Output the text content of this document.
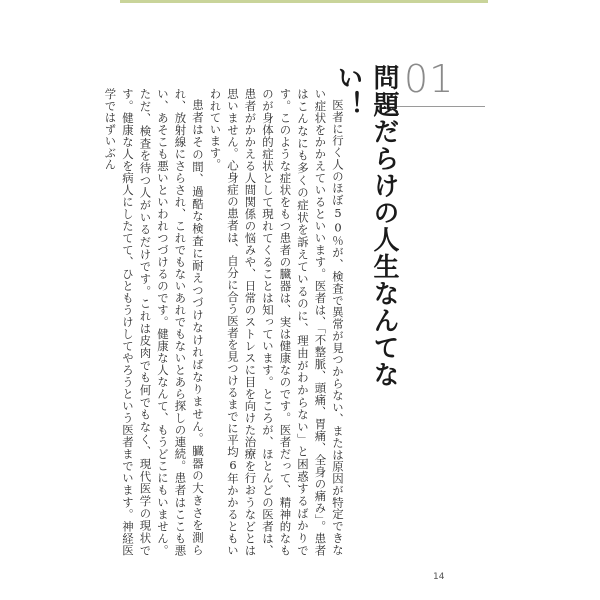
01
問題だらけの人生なんてない！

医者に行く人のほぼ50％が、検査で異常が見つからない、または原因が特定できない症状をかかえているといいます。医者は、「不整脈、頭痛、胃痛、全身の痛み」。患者はこんなにも多くの症状を訴えているのに、理由がわからない」と困惑するばかりです。このような症状をもつ患者の臓器は、実は健康なのです。医者だって、精神的なものが身体的症状として現れてくることは知っています。ところが、ほとんどの医者は、患者がかかえる人間関係の悩みや、日常のストレスに目を向けた治療を行おうなどとは思いません。心身症の患者は、自分に合う医者を見つけるまでに平均6年かかるともいわれています。

患者はその間、過酷な検査に耐えつづけなければなりません。臓器の大きさを測られ、放射線にさらされ、これでもないあれでもないとあら探しの連続。患者はここも悪い、あそこも悪いといわれつづけるのです。健康な人なんて、もうどこにもいません。ただ、検査を待つ人がいるだけです。これは皮肉でも何でもなく、現代医学の現状です。健康な人を病人にしたてて、ひともうけしてやろうという医者までいます。神経医学ではずいぶん

14
